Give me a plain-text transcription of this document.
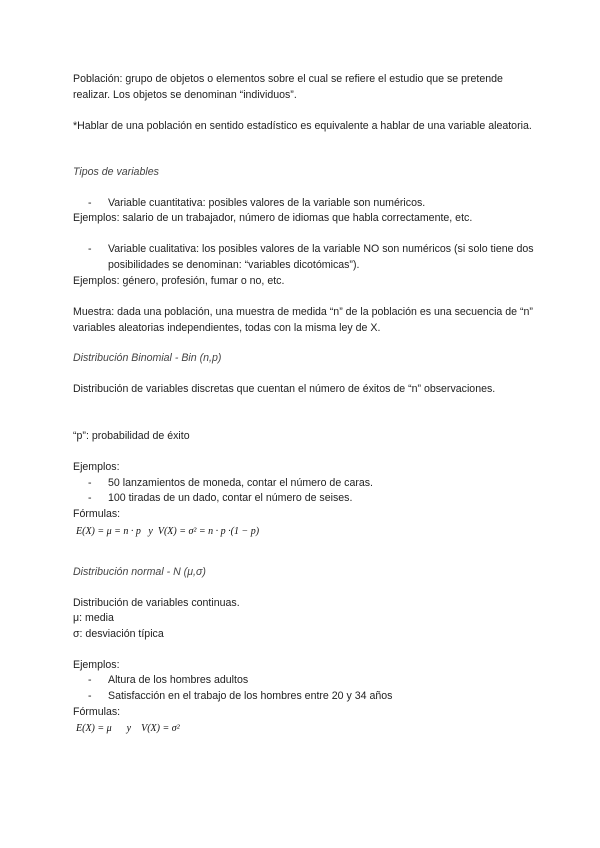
Población: grupo de objetos o elementos sobre el cual se refiere el estudio que se pretende realizar. Los objetos se denominan “individuos”.

*Hablar de una población en sentido estadístico es equivalente a hablar de una variable aleatoria.

Tipos de variables

-	Variable cuantitativa: posibles valores de la variable son numéricos.

Ejemplos: salario de un trabajador, número de idiomas que habla correctamente, etc.

-	Variable cualitativa: los posibles valores de la variable NO son numéricos (si solo tiene dos posibilidades se denominan: “variables dicotómicas”).

Ejemplos: género, profesión, fumar o no, etc.

Muestra: dada una población, una muestra de medida “n” de la población es una secuencia de “n” variables aleatorias independientes, todas con la misma ley de X.

Distribución Binomial - Bin (n,p)

Distribución de variables discretas que cuentan el número de éxitos de “n” observaciones.

“p”: probabilidad de éxito

Ejemplos:

-	50 lanzamientos de moneda, contar el número de caras.
-	100 tiradas de un dado, contar el número de seises.

Fórmulas:

E(X) = μ = n · p   y  V(X) = σ² = n · p ·(1 − p)

Distribución normal - N (μ,σ)

Distribución de variables continuas.

μ: media

σ: desviación típica

Ejemplos:

-	Altura de los hombres adultos
-	Satisfacción en el trabajo de los hombres entre 20 y 34 años

Fórmulas:

E(X) = μ      y    V(X) = σ²
